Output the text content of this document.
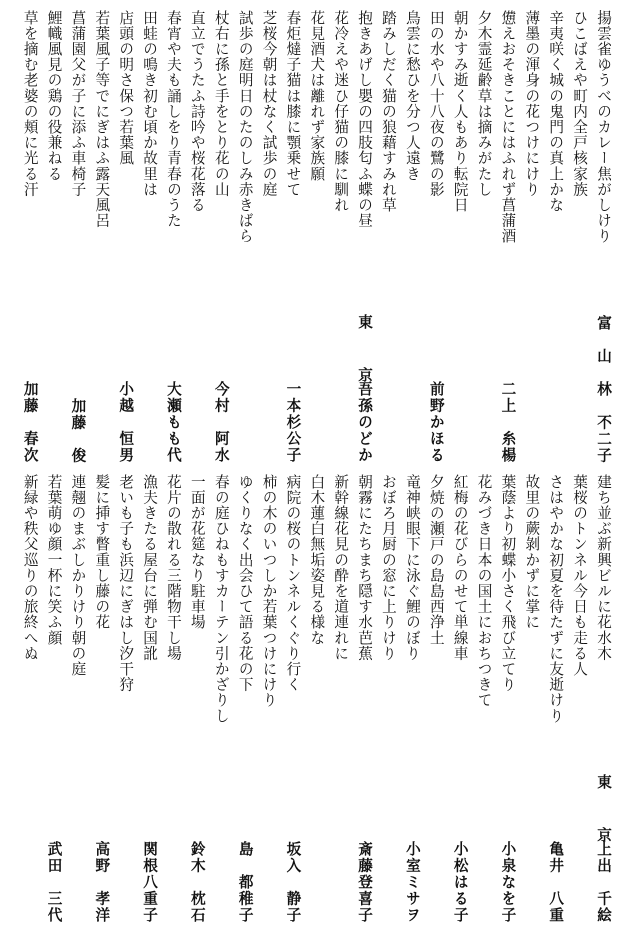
揚雲雀ゆうべのカレー焦がしけり
富　山　林　不二子
ひこばえや町内全戸核家族
辛夷咲く城の鬼門の真上かな
薄墨の渾身の花つけにけり
憊えおそきことにはふれず菖蒲酒
二上　糸楊
夕木霊延齢草は摘みがたし
朝かすみ逝く人もあり転院日
田の水や八十八夜の鷺の影
前野かほる
鳥雲に愁ひを分つ人遠き
踏みしだく猫の狼藉すみれ草
抱きあげし嬰の四肢匂ふ蝶の昼
東　京
吾孫のどか
花冷えや迷ひ仔猫の膝に馴れ
花見酒犬は離れず家族願
春炬燵子猫は膝に顎乗せて
一本杉公子
芝桜今朝は杖なく試歩の庭
試歩の庭明日のたのしみ赤きばら
杖右に孫と手をとり花の山
今村　阿水
直立でうたふ詩吟や桜花落る
春宵や夫も誦しをり青春のうた
大瀬もも代
田蛙の鳴き初む頃か故里は
店頭の明さ保つ若葉風
小越　恒男
若葉風子等でにぎはふ露天風呂
菖蒲園父が子に添ふ車椅子
加藤　俊
鯉幟風見の鶏の役兼ねる
草を摘む老婆の頬に光る汗
加藤　春次
建ち並ぶ新興ビルに花水木
東　京
上出　千絵
葉桜のトンネル今日も走る人
さはやかな初夏を待たずに友逝けり
亀井　八重
故里の蕨剝かずに掌に
葉蔭より初蝶小さく飛び立てり
小泉なを子
花みづき日本の国土におちつきて
紅梅の花びらのせて単線車
小松はる子
夕焼の瀬戸の島島西浄土
竜神峡眼下に泳ぐ鯉のぼり
小室ミサヲ
おぼろ月厨の窓に上りけり
朝霧にたちまち隠す水芭蕉
斎藤登喜子
新幹線花見の酔を道連れに
白木蓮白無垢姿見る様な
病院の桜のトンネルくぐり行く
坂入　静子
柿の木のいつしか若葉つけにけり
ゆくりなく出会ひて語る花の下
島　都稚子
春の庭ひねもすカーテン引かざりし
一面が花筵なり駐車場
鈴木　枕石
花片の散れる三階物干し場
漁夫きたる屋台に弾む国訛
関根八重子
老いも子も浜辺にぎはし汐干狩
髪に挿す瞥重し藤の花
高野　孝洋
連翹のまぶしかりけり朝の庭
若葉萌ゆ顔一杯に笑ふ顔
武田　三代
新緑や秩父巡りの旅終へぬ
